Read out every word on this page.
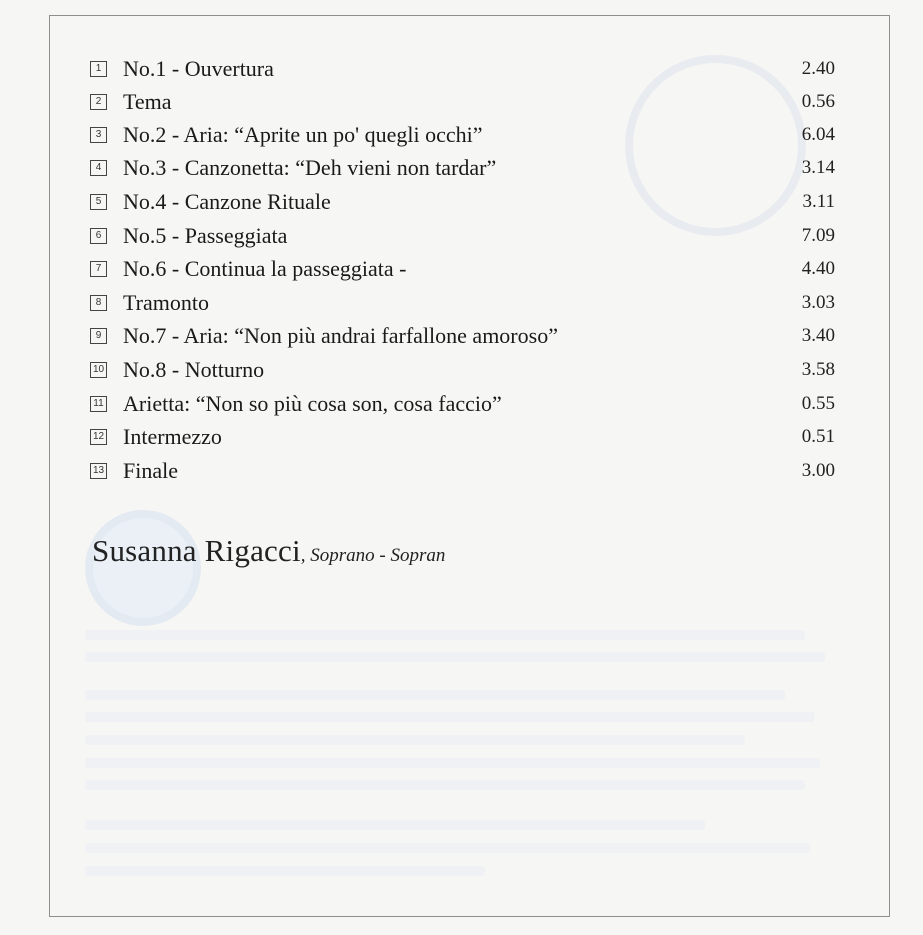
1 No.1 - Ouvertura	2.40
2 Tema	0.56
3 No.2 - Aria: “Aprite un po' quegli occhi”	6.04
4 No.3 - Canzonetta: “Deh vieni non tardar”	3.14
5 No.4 - Canzone Rituale	3.11
6 No.5 - Passeggiata	7.09
7 No.6 - Continua la passeggiata -	4.40
8 Tramonto	3.03
9 No.7 - Aria: “Non più andrai farfallone amoroso”	3.40
10 No.8 - Notturno	3.58
11 Arietta: “Non so più cosa son, cosa faccio”	0.55
12 Intermezzo	0.51
13 Finale	3.00
Susanna Rigacci, Soprano - Sopran
